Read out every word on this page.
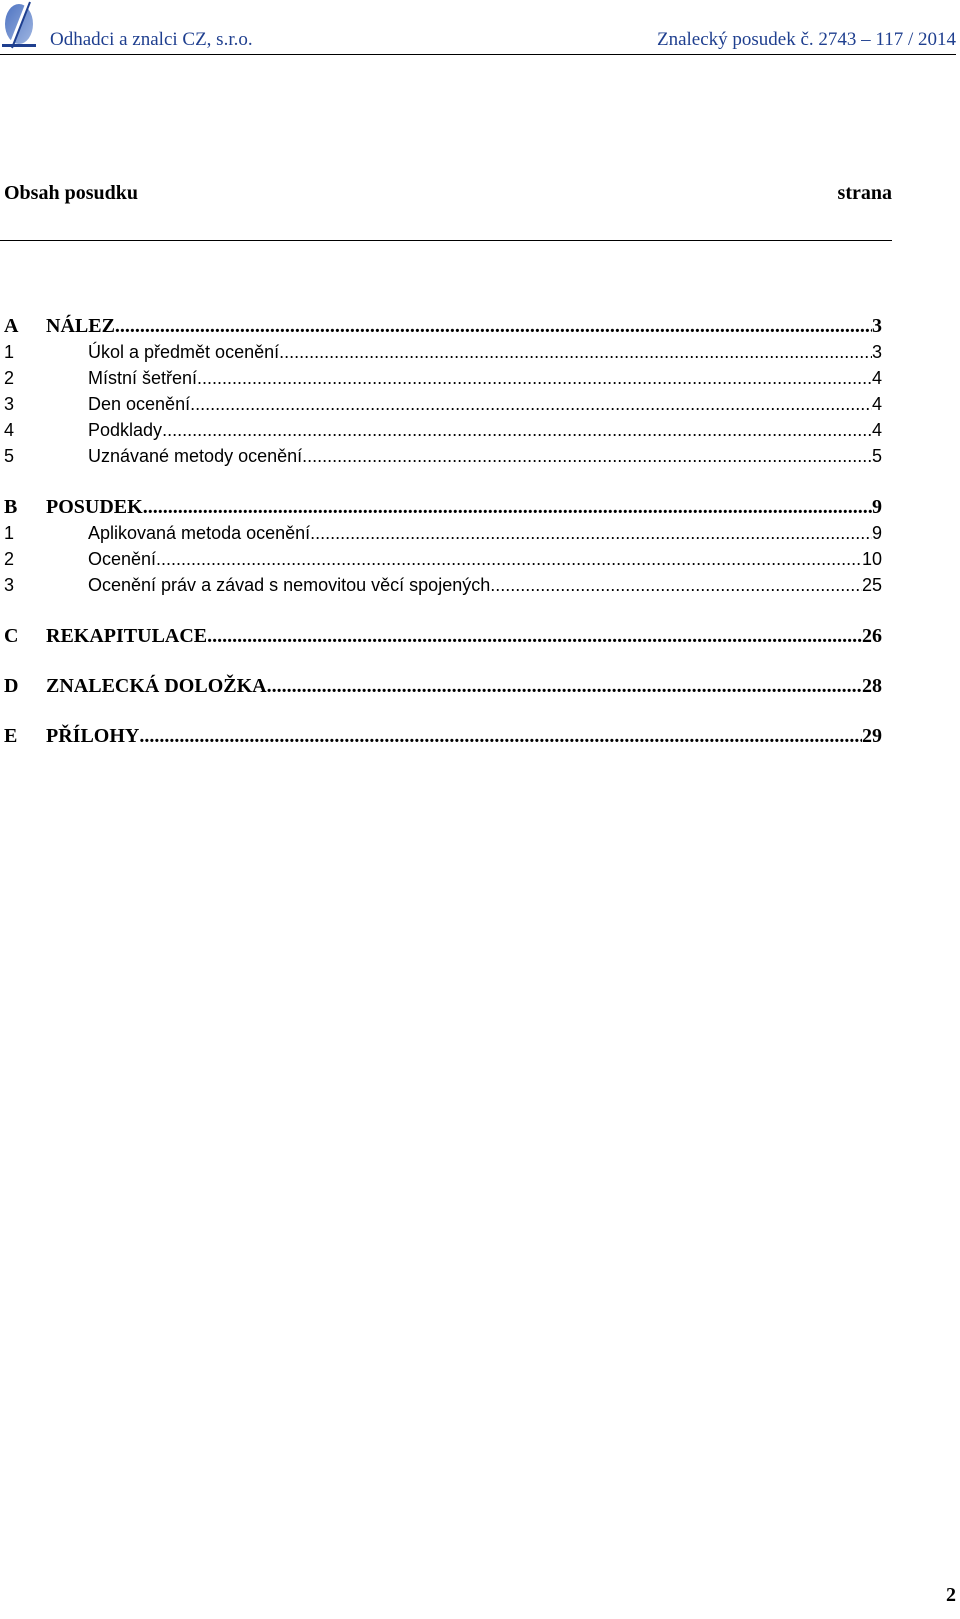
Odhadci a znalci CZ, s.r.o.	Znalecký posudek č. 2743 – 117 / 2014
Obsah posudku	strana
A NÁLEZ .....	3
1	Úkol a předmět ocenění .....	3
2	Místní šetření .....	4
3	Den ocenění .....	4
4	Podklady .....	4
5	Uznávané metody ocenění .....	5
B POSUDEK .....	9
1	Aplikovaná metoda ocenění .....	9
2	Ocenění .....	10
3	Ocenění práv a závad s nemovitou věcí spojených .....	25
C REKAPITULACE .....	26
D ZNALECKÁ DOLOŽKA .....	28
E PŘÍLOHY .....	29
2
